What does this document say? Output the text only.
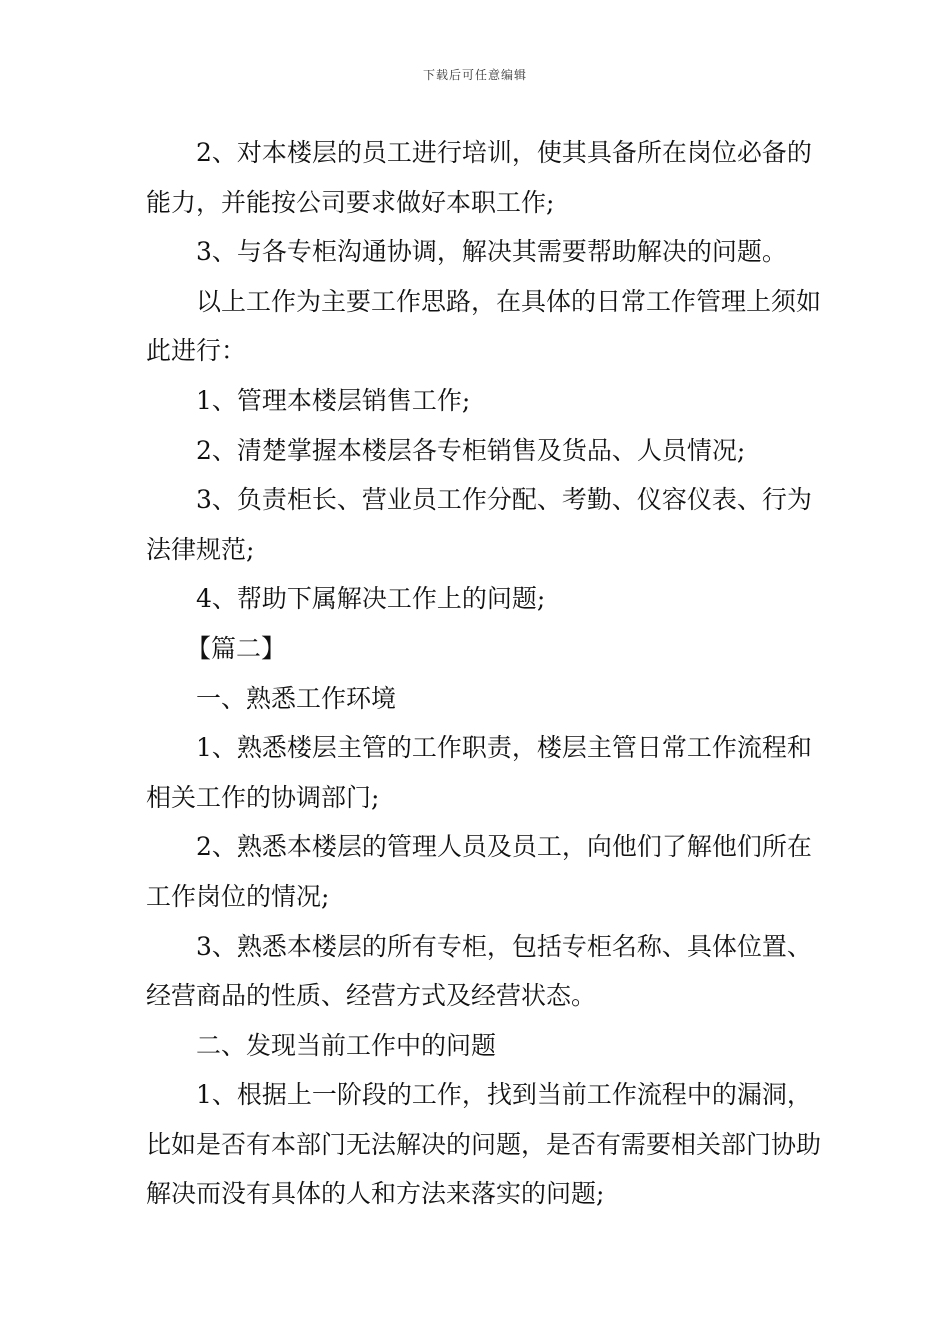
下载后可任意编辑

2、对本楼层的员工进行培训，使其具备所在岗位必备的能力，并能按公司要求做好本职工作;

3、与各专柜沟通协调，解决其需要帮助解决的问题。

以上工作为主要工作思路，在具体的日常工作管理上须如此进行：

1、管理本楼层销售工作;

2、清楚掌握本楼层各专柜销售及货品、人员情况;

3、负责柜长、营业员工作分配、考勤、仪容仪表、行为法律规范;

4、帮助下属解决工作上的问题;

【篇二】

一、熟悉工作环境

1、熟悉楼层主管的工作职责，楼层主管日常工作流程和相关工作的协调部门;

2、熟悉本楼层的管理人员及员工，向他们了解他们所在工作岗位的情况;

3、熟悉本楼层的所有专柜，包括专柜名称、具体位置、经营商品的性质、经营方式及经营状态。

二、发现当前工作中的问题

1、根据上一阶段的工作，找到当前工作流程中的漏洞，比如是否有本部门无法解决的问题，是否有需要相关部门协助解决而没有具体的人和方法来落实的问题;
